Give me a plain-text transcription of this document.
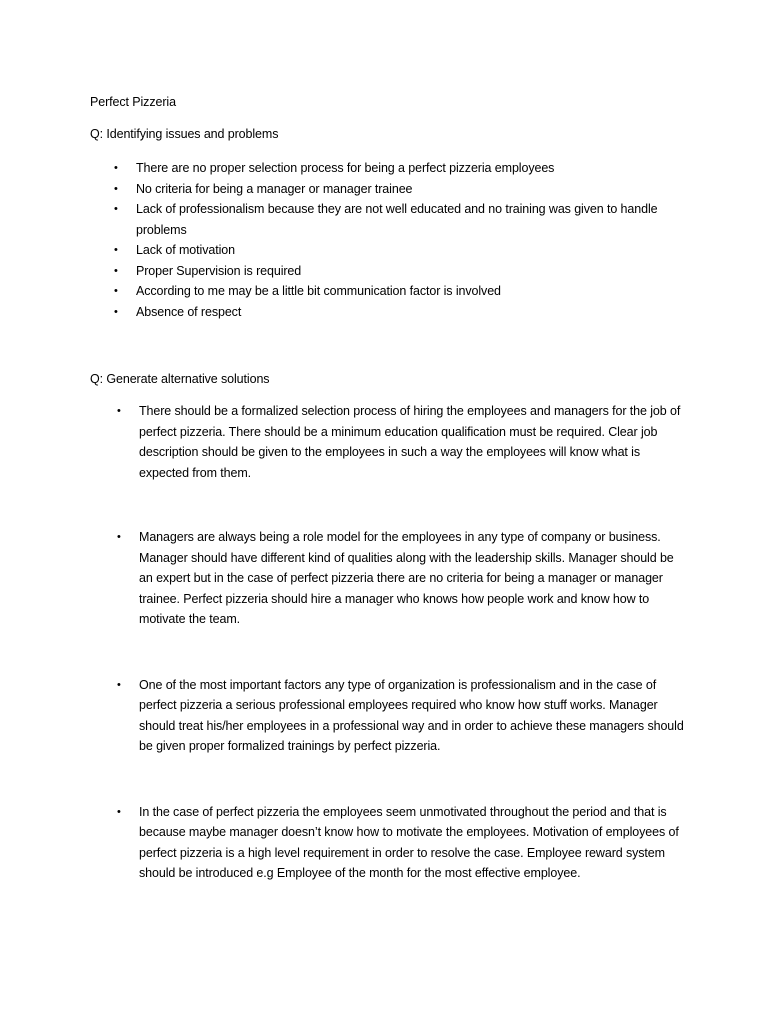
Perfect Pizzeria
Q: Identifying issues and problems
• There are no proper selection process for being a perfect pizzeria employees
• No criteria for being a manager or manager trainee
• Lack of professionalism because they are not well educated and no training was given to handle problems
• Lack of motivation
• Proper Supervision is required
• According to me may be a little bit communication factor is involved
• Absence of respect
Q: Generate alternative solutions
• There should be a formalized selection process of hiring the employees and managers for the job of perfect pizzeria. There should be a minimum education qualification must be required. Clear job description should be given to the employees in such a way the employees will know what is expected from them.
• Managers are always being a role model for the employees in any type of company or business. Manager should have different kind of qualities along with the leadership skills. Manager should be an expert but in the case of perfect pizzeria there are no criteria for being a manager or manager trainee. Perfect pizzeria should hire a manager who knows how people work and know how to motivate the team.
• One of the most important factors any type of organization is professionalism and in the case of perfect pizzeria a serious professional employees required who know how stuff works. Manager should treat his/her employees in a professional way and in order to achieve these managers should be given proper formalized trainings by perfect pizzeria.
• In the case of perfect pizzeria the employees seem unmotivated throughout the period and that is because maybe manager doesn’t know how to motivate the employees. Motivation of employees of perfect pizzeria is a high level requirement in order to resolve the case. Employee reward system should be introduced e.g Employee of the month for the most effective employee.
